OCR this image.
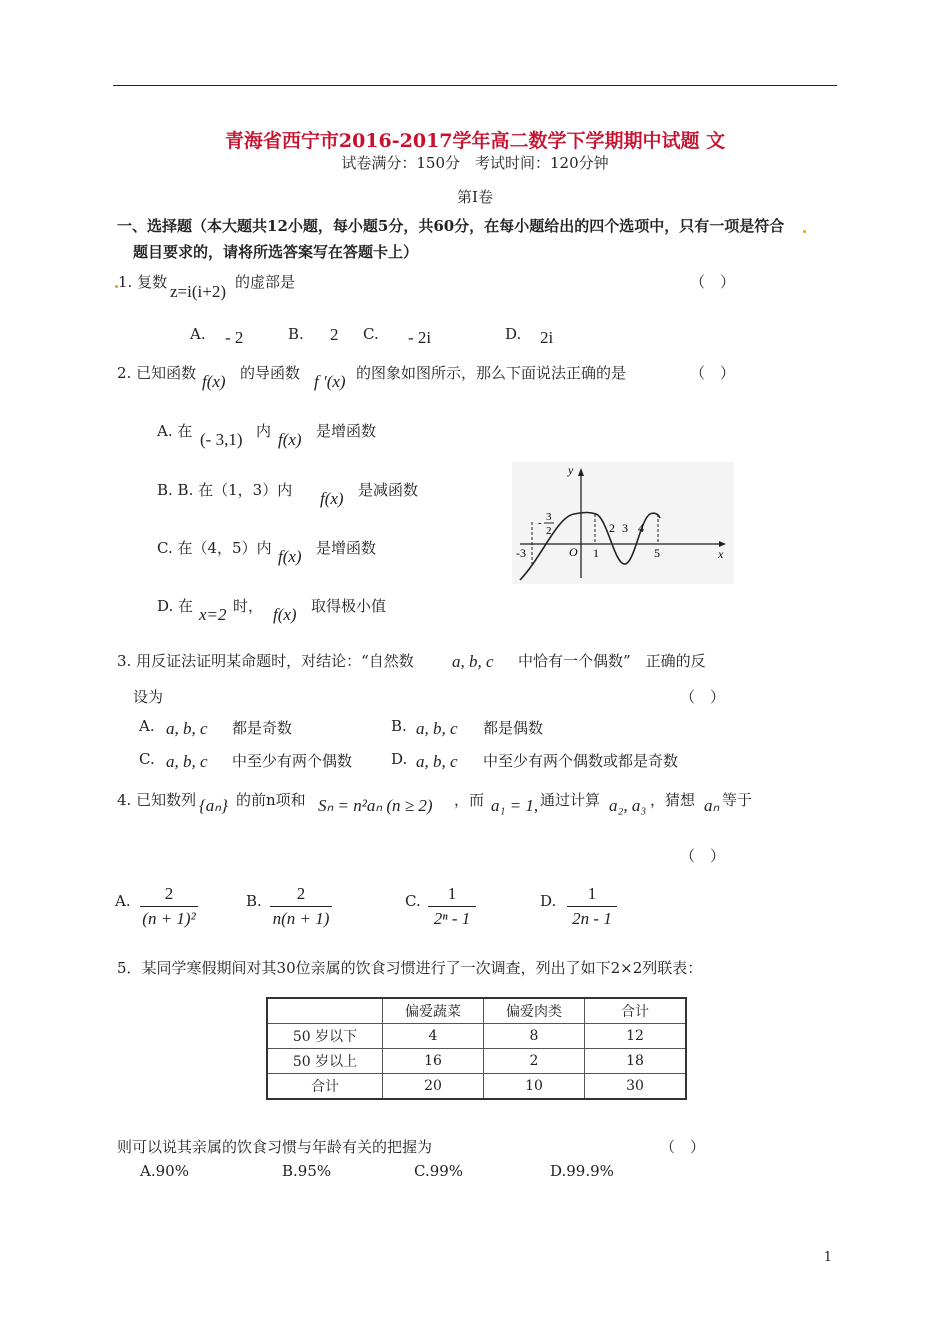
青海省西宁市2016-2017学年高二数学下学期期中试题 文
试卷满分：150分　考试时间：120分钟
第Ⅰ卷
一、选择题（本大题共12小题，每小题5分，共60分，在每小题给出的四个选项中，只有一项是符合
题目要求的，请将所选答案写在答题卡上）
1. 复数 z=i(i+2) 的虚部是	（　）
A. - 2	B. 2 C. - 2i	D. 2i
2. 已知函数 f(x) 的导函数 f ′(x) 的图象如图所示，那么下面说法正确的是	（　）
A. 在 (- 3,1) 内 f(x) 是增函数
B. B. 在（1，3）内 f(x) 是减函数
C. 在（4，5）内 f(x) 是增函数
D. 在 x=2 时， f(x) 取得极小值
y
x
O
-3
- 3
2
1
2 3 4
5
3. 用反证法证明某命题时，对结论：“自然数 a, b, c 中恰有一个偶数”　正确的反
设为	（　）
A. a, b, c 都是奇数	B. a, b, c 都是偶数
C. a, b, c 中至少有两个偶数	D. a, b, c 中至少有两个偶数或都是奇数
4. 已知数列 {aₙ} 的前n项和 Sₙ = n²aₙ (n ≥ 2) ，而 a₁ = 1, 通过计算 a₂, a₃ ，猜想 aₙ 等于
（　）
A.	2
(n + 1)²
B.	2
n(n + 1)
C.	1
2ⁿ - 1
D.	1
2n - 1
5．某同学寒假期间对其30位亲属的饮食习惯进行了一次调查，列出了如下2×2列联表：
	偏爱蔬菜	偏爱肉类	合计
50 岁以下	4	8	12
50 岁以上	16	2	18
合计	20	10	30
则可以说其亲属的饮食习惯与年龄有关的把握为	（　）
A.90%	B.95%	C.99%	D.99.9%
1
